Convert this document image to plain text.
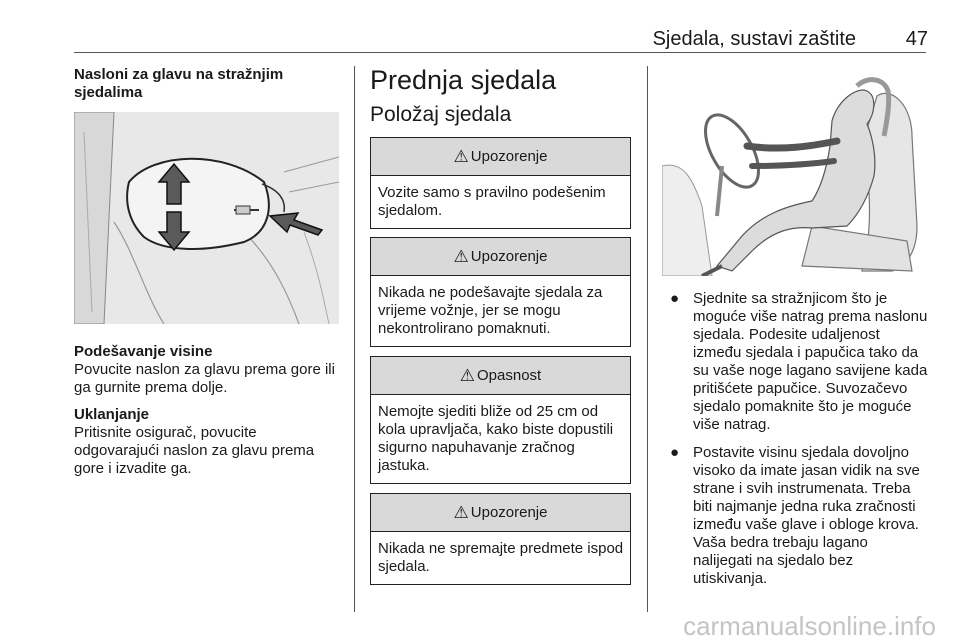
Sjedala, sustavi zaštite 47
Nasloni za glavu na stražnjim
sjedalima
Podešavanje visine
Povucite naslon za glavu prema gore ili ga gurnite prema dolje.
Uklanjanje
Pritisnite osigurač, povucite odgovarajući naslon za glavu prema gore i izvadite ga.
Prednja sjedala
Položaj sjedala
⚠ Upozorenje
Vozite samo s pravilno podešenim sjedalom.
⚠ Upozorenje
Nikada ne podešavajte sjedala za vrijeme vožnje, jer se mogu nekontrolirano pomaknuti.
⚠ Opasnost
Nemojte sjediti bliže od 25 cm od kola upravljača, kako biste dopustili sigurno napuhavanje zračnog jastuka.
⚠ Upozorenje
Nikada ne spremajte predmete ispod sjedala.
● Sjednite sa stražnjicom što je moguće više natrag prema naslonu sjedala. Podesite udaljenost između sjedala i papučica tako da su vaše noge lagano savijene kada pritišćete papučice. Suvozačevo sjedalo pomaknite što je moguće više natrag.
● Postavite visinu sjedala dovoljno visoko da imate jasan vidik na sve strane i svih instrumenata. Treba biti najmanje jedna ruka zračnosti između vaše glave i obloge krova. Vaša bedra trebaju lagano nalijegati na sjedalo bez utiskivanja.
carmanualsonline.info
